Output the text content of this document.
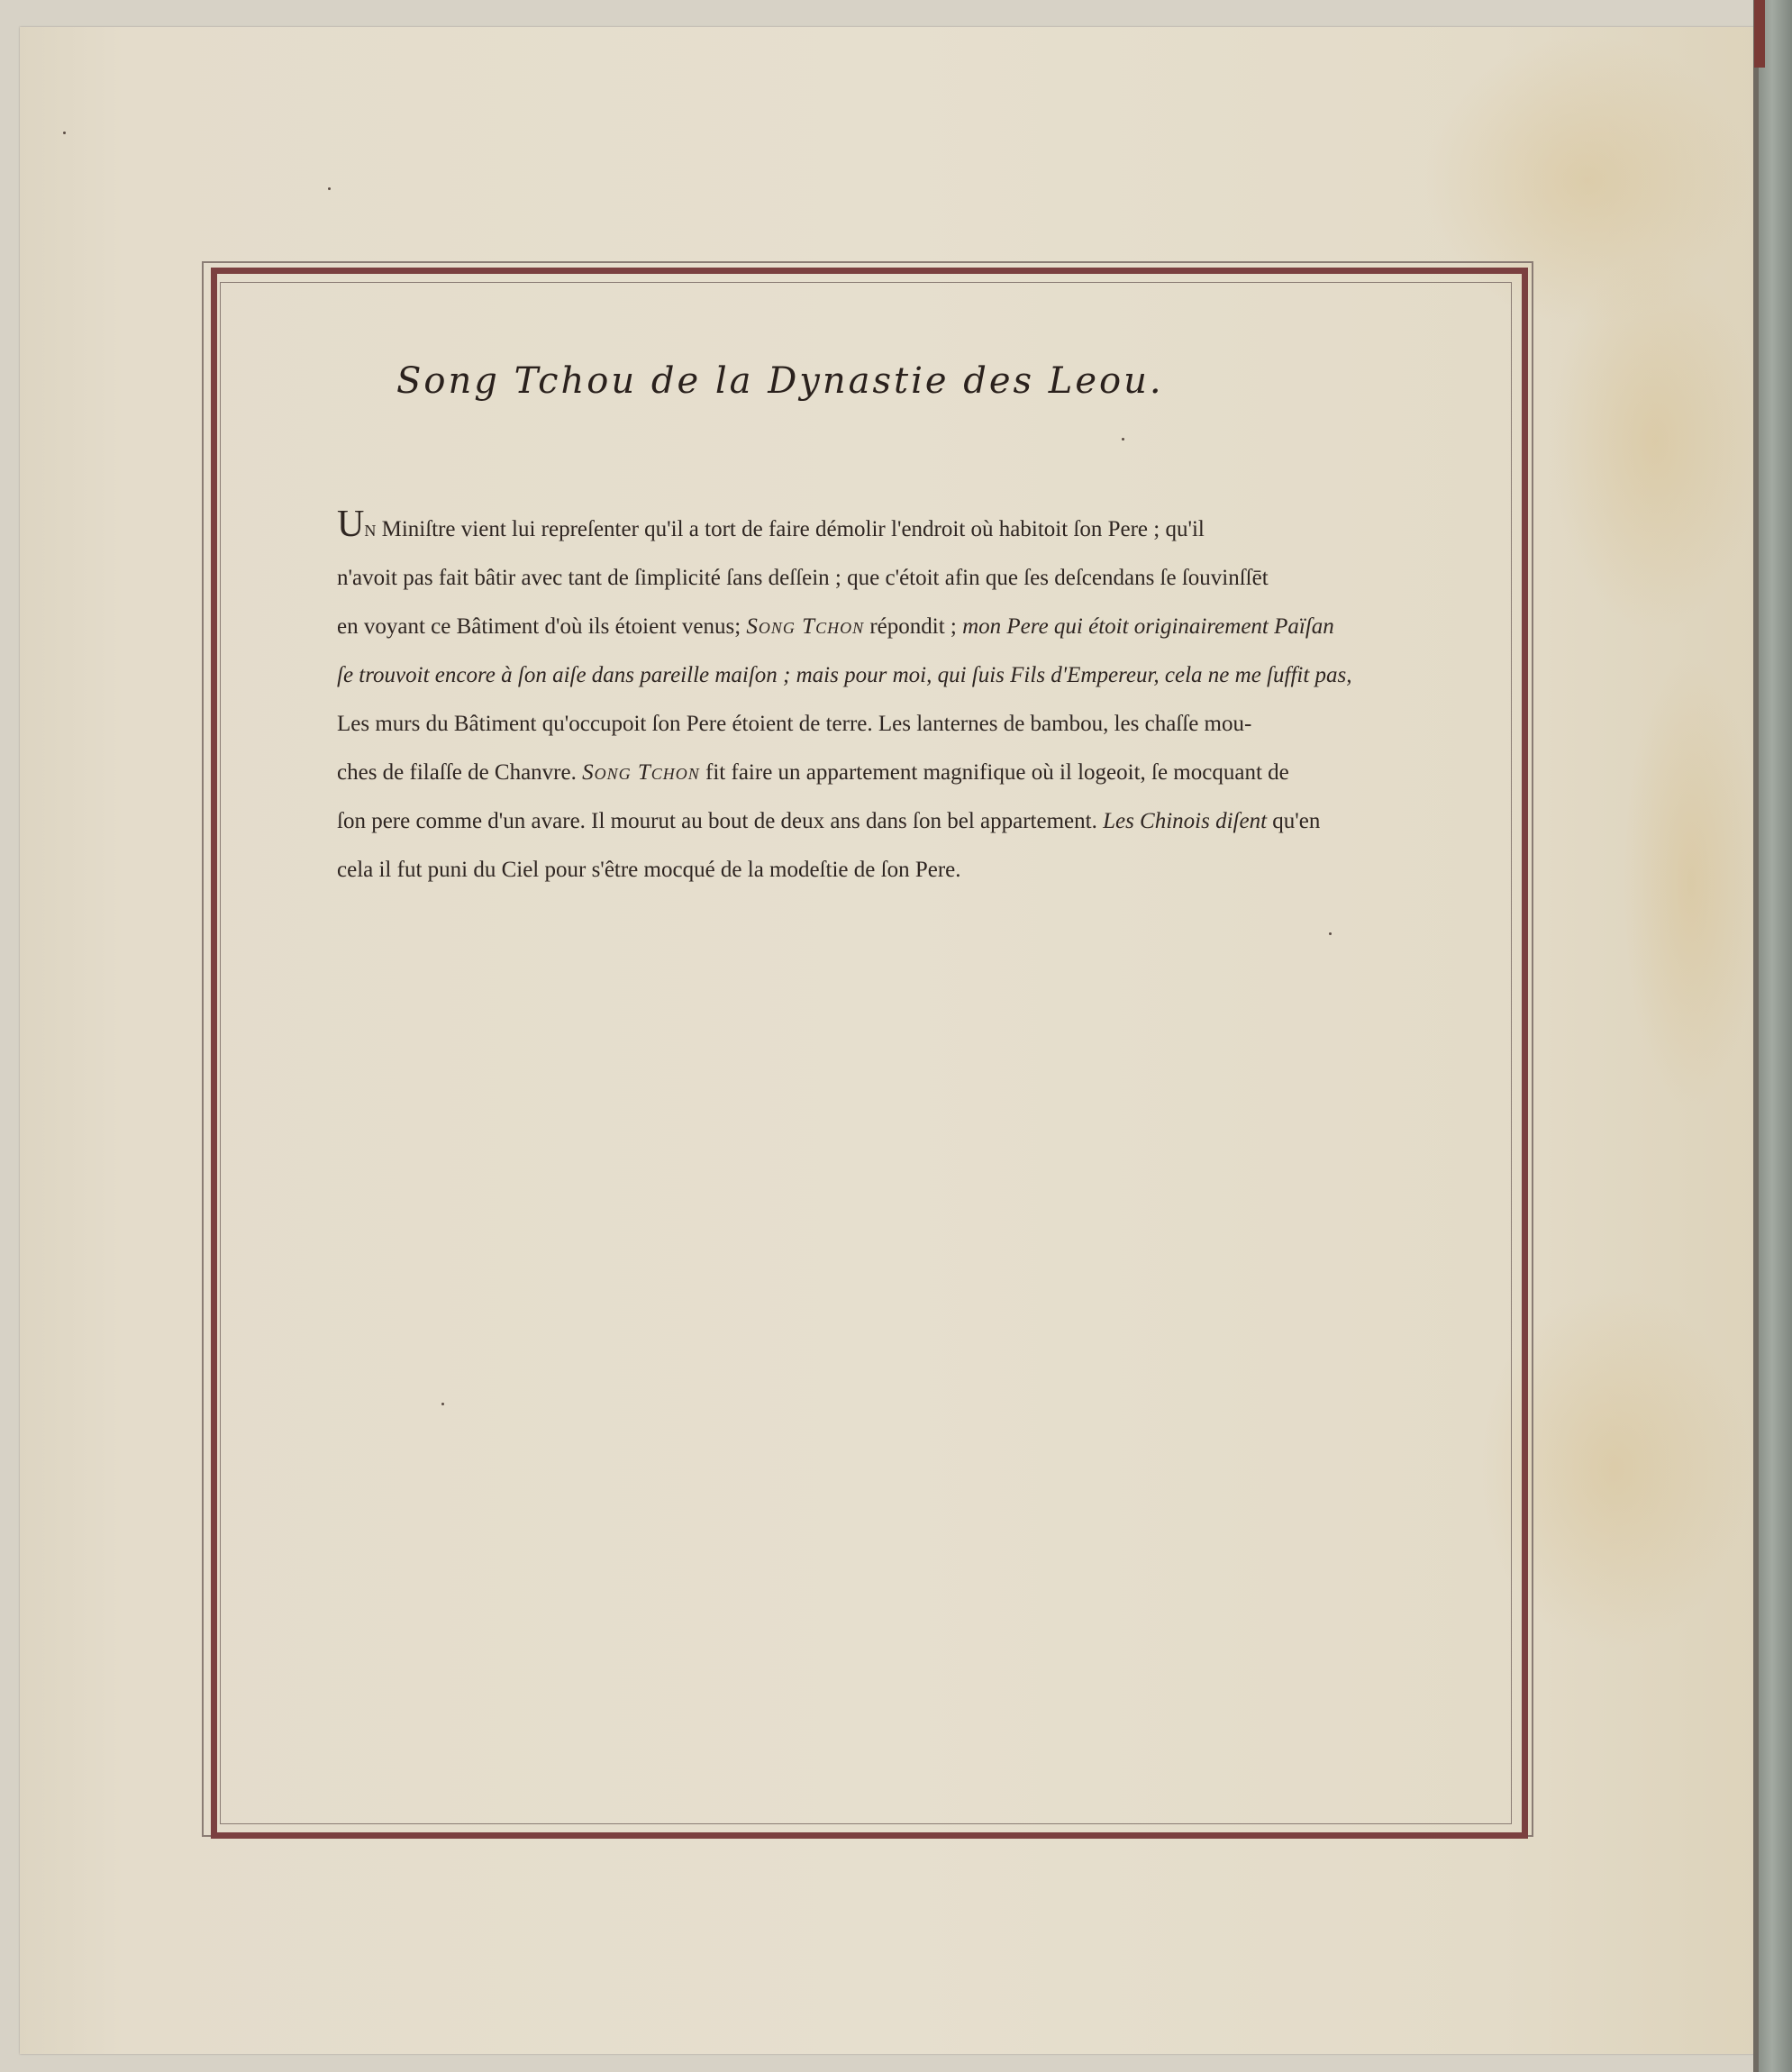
Song Tchou de la Dynastie des Leou.
Un Miniſtre vient lui repreſenter qu'il a tort de faire démolir l'endroit où habitoit ſon Pere ; qu'il
n'avoit pas fait bâtir avec tant de ſimplicité ſans deſſein ; que c'étoit afin que ſes deſcendans ſe ſouvinſſēt
en voyant ce Bâtiment d'où ils étoient venus; Song Tchon répondit ; mon Pere qui étoit originairement Païſan
ſe trouvoit encore à ſon aiſe dans pareille maiſon ; mais pour moi, qui ſuis Fils d'Empereur, cela ne me ſuffit pas,
Les murs du Bâtiment qu'occupoit ſon Pere étoient de terre. Les lanternes de bambou, les chaſſe mou-
ches de filaſſe de Chanvre. Song Tchon fit faire un appartement magnifique où il logeoit, ſe mocquant de
ſon pere comme d'un avare. Il mourut au bout de deux ans dans ſon bel appartement. Les Chinois diſent qu'en
cela il fut puni du Ciel pour s'être mocqué de la modeſtie de ſon Pere.
